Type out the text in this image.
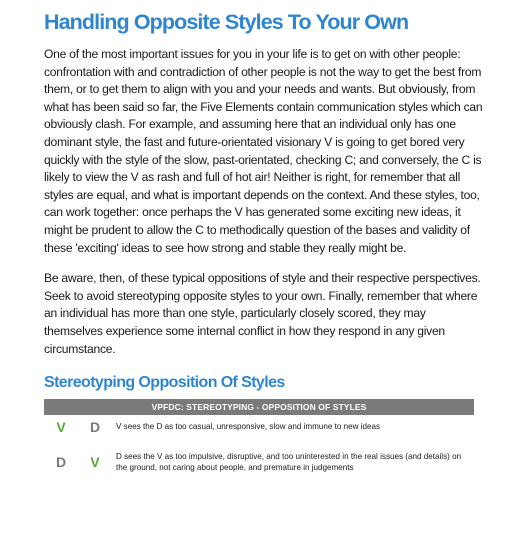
Handling Opposite Styles To Your Own

One of the most important issues for you in your life is to get on with other people: confrontation with and contradiction of other people is not the way to get the best from them, or to get them to align with you and your needs and wants. But obviously, from what has been said so far, the Five Elements contain communication styles which can obviously clash. For example, and assuming here that an individual only has one dominant style, the fast and future-orientated visionary V is going to get bored very quickly with the style of the slow, past-orientated, checking C; and conversely, the C is likely to view the V as rash and full of hot air! Neither is right, for remember that all styles are equal, and what is important depends on the context. And these styles, too, can work together: once perhaps the V has generated some exciting new ideas, it might be prudent to allow the C to methodically question of the bases and validity of these 'exciting' ideas to see how strong and stable they really might be.

Be aware, then, of these typical oppositions of style and their respective perspectives. Seek to avoid stereotyping opposite styles to your own. Finally, remember that where an individual has more than one style, particularly closely scored, they may themselves experience some internal conflict in how they respond in any given circumstance.

Stereotyping Opposition Of Styles
VPFDC: STEREOTYPING - OPPOSITION OF STYLES
V	D	V sees the D as too casual, unresponsive, slow and immune to new ideas
D	V	D sees the V as too impulsive, disruptive, and too uninterested in the real issues (and details) on the ground, not caring about people, and premature in judgements
